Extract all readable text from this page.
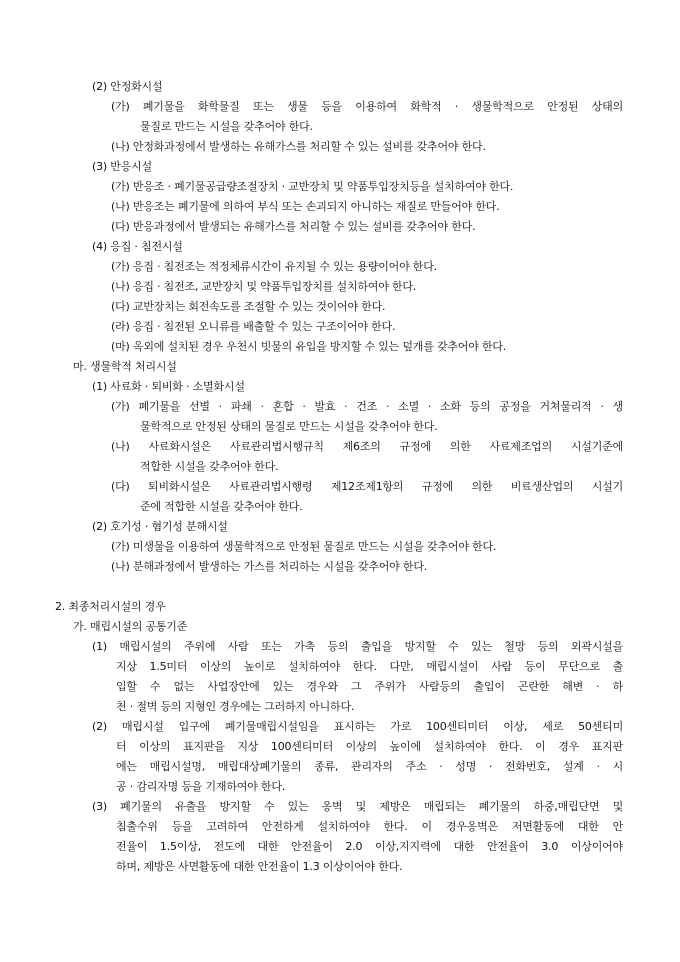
(2) 안정화시설
(가) 폐기물을 화학물질 또는 생물 등을 이용하여 화학적 · 생물학적으로 안정된 상태의
물질로 만드는 시설을 갖추어야 한다.
(나) 안정화과정에서 발생하는 유해가스를 처리할 수 있는 설비를 갖추어야 한다.
(3) 반응시설
(가) 반응조 · 폐기물공급량조절장치 · 교반장치 및 약품투입장치등을 설치하여야 한다.
(나) 반응조는 폐기물에 의하여 부식 또는 손괴되지 아니하는 재질로 만들어야 한다.
(다) 반응과정에서 발생되는 유해가스를 처리할 수 있는 설비를 갖추어야 한다.
(4) 응집 · 침전시설
(가) 응집 · 침전조는 적정체류시간이 유지될 수 있는 용량이어야 한다.
(나) 응집 · 침전조, 교반장치 및 약품투입장치를 설치하여야 한다.
(다) 교반장치는 회전속도를 조절할 수 있는 것이어야 한다.
(라) 응집 · 침전된 오니류를 배출할 수 있는 구조이어야 한다.
(마) 옥외에 설치된 경우 우천시 빗물의 유입을 방지할 수 있는 덮개를 갖추어야 한다.
마. 생물학적 처리시설
(1) 사료화 · 퇴비화 · 소멸화시설
(가) 폐기물을 선별 · 파쇄 · 혼합 · 발효 · 건조 · 소멸 · 소화 등의 공정을 거쳐물리적 · 생
물학적으로 안정된 상태의 물질로 만드는 시설을 갖추어야 한다.
(나) 사료화시설은 사료관리법시행규칙 제6조의 규정에 의한 사료제조업의 시설기준에
적합한 시설을 갖추어야 한다.
(다) 퇴비화시설은 사료관리법시행령 제12조제1항의 규정에 의한 비료생산업의 시설기
준에 적합한 시설을 갖추어야 한다.
(2) 호기성 · 혐기성 분해시설
(가) 미생물을 이용하여 생물학적으로 안정된 물질로 만드는 시설을 갖추어야 한다.
(나) 분해과정에서 발생하는 가스를 처리하는 시설을 갖추어야 한다.
2. 최종처리시설의 경우
가. 매립시설의 공통기준
(1) 매립시설의 주위에 사람 또는 가축 등의 출입을 방지할 수 있는 철망 등의 외곽시설을
지상 1.5미터 이상의 높이로 설치하여야 한다. 다만, 매립시설이 사람 등이 무단으로 출
입할 수 없는 사업장안에 있는 경우와 그 주위가 사람등의 출입이 곤란한 해변 · 하
천 · 절벽 등의 지형인 경우에는 그러하지 아니하다.
(2) 매립시설 입구에 폐기물매립시설임을 표시하는 가로 100센티미터 이상, 세로 50센티미
터 이상의 표지판을 지상 100센티미터 이상의 높이에 설치하여야 한다. 이 경우 표지판
에는 매립시설명, 매립대상폐기물의 종류, 관리자의 주소 · 성명 · 전화번호, 설계 · 시
공 · 감리자명 등을 기재하여야 한다.
(3) 폐기물의 유출을 방지할 수 있는 옹벽 및 제방은 매립되는 폐기물의 하중,매립단면 및
침출수위 등을 고려하여 안전하게 설치하여야 한다. 이 경우옹벽은 저면활동에 대한 안
전율이 1.5이상, 전도에 대한 안전율이 2.0 이상,지지력에 대한 안전율이 3.0 이상이어야
하며, 제방은 사면활동에 대한 안전율이 1.3 이상이어야 한다.
